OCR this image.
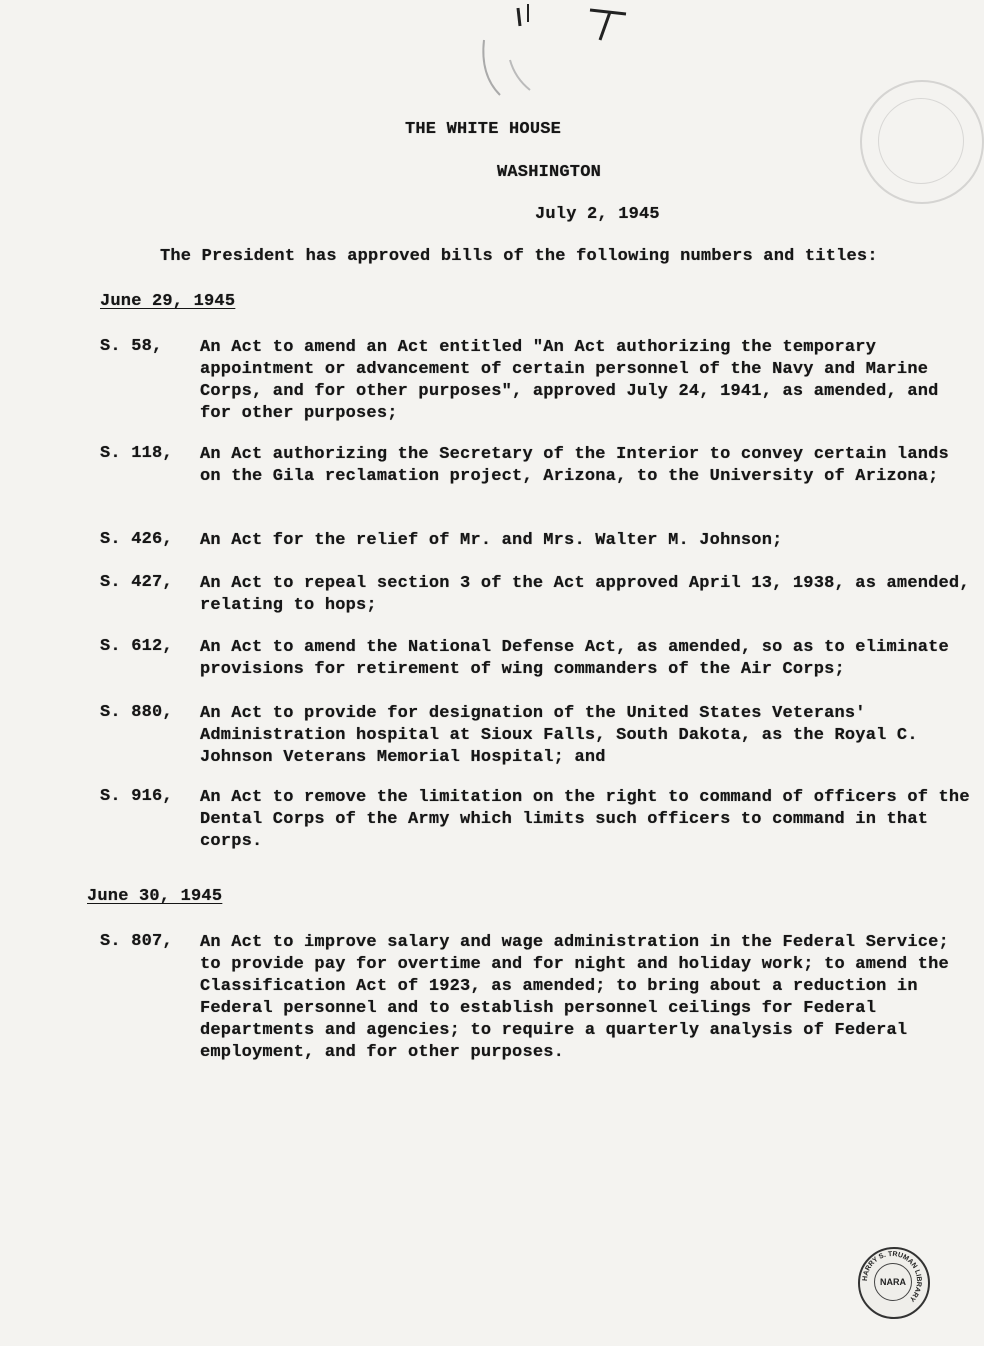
THE WHITE HOUSE
WASHINGTON
July 2, 1945
The President has approved bills of the following numbers and titles:
June 29, 1945
S. 58, An Act to amend an Act entitled "An Act authorizing the temporary appointment or advancement of certain personnel of the Navy and Marine Corps, and for other purposes", approved July 24, 1941, as amended, and for other purposes;
S. 118, An Act authorizing the Secretary of the Interior to convey certain lands on the Gila reclamation project, Arizona, to the University of Arizona;
S. 426, An Act for the relief of Mr. and Mrs. Walter M. Johnson;
S. 427, An Act to repeal section 3 of the Act approved April 13, 1938, as amended, relating to hops;
S. 612, An Act to amend the National Defense Act, as amended, so as to eliminate provisions for retirement of wing commanders of the Air Corps;
S. 880, An Act to provide for designation of the United States Veterans' Administration hospital at Sioux Falls, South Dakota, as the Royal C. Johnson Veterans Memorial Hospital; and
S. 916, An Act to remove the limitation on the right to command of officers of the Dental Corps of the Army which limits such officers to command in that corps.
June 30, 1945
S. 807, An Act to improve salary and wage administration in the Federal Service; to provide pay for overtime and for night and holiday work; to amend the Classification Act of 1923, as amended; to bring about a reduction in Federal personnel and to establish personnel ceilings for Federal departments and agencies; to require a quarterly analysis of Federal employment, and for other purposes.
HARRY S. TRUMAN LIBRARY
NARA
